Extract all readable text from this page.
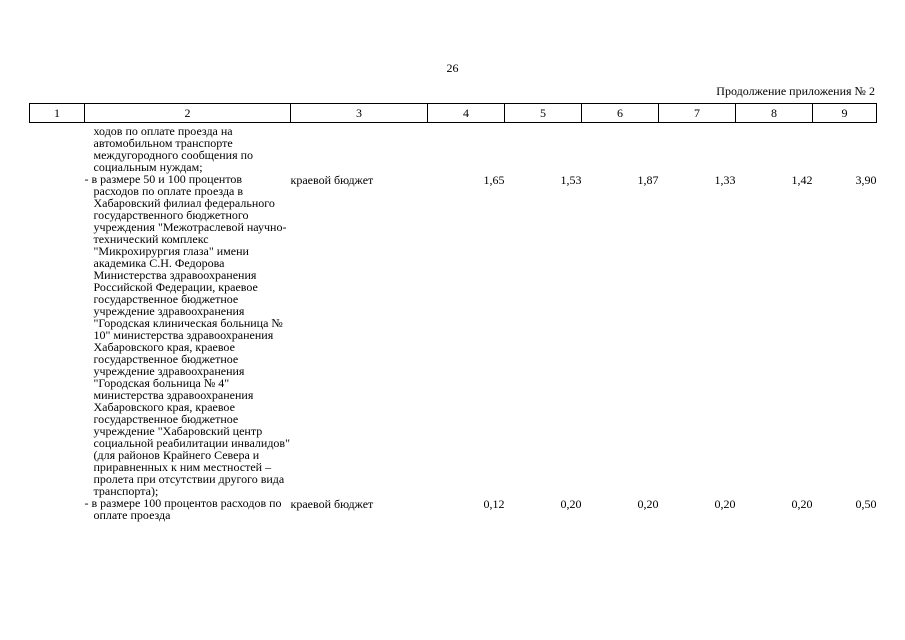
26
Продолжение приложения № 2
1	2	3	4	5	6	7	8	9

	ходов по оплате проезда на автомобильном транспорте междугородного сообщения по социальным нуждам;							

	- в размере 50 и 100 процентов расходов по оплате проезда в Хабаровский филиал федерального государственного бюджетного учреждения "Межотраслевой научно-технический комплекс "Микрохирургия глаза" имени академика С.Н. Федорова Министерства здравоохранения Российской Федерации, краевое государственное бюджетное учреждение здравоохранения "Городская клиническая больница № 10" министерства здравоохранения Хабаровского края, краевое государственное бюджетное учреждение здравоохранения "Городская больница № 4" министерства здравоохранения Хабаровского края, краевое государственное бюджетное учреждение "Хабаровский центр социальной реабилитации инвалидов" (для районов Крайнего Севера и приравненных к ним местностей – пролета при отсутствии другого вида транспорта);	краевой бюджет	1,65	1,53	1,87	1,33	1,42	3,90

	- в размере 100 процентов расходов по оплате проезда	краевой бюджет	0,12	0,20	0,20	0,20	0,20	0,50
